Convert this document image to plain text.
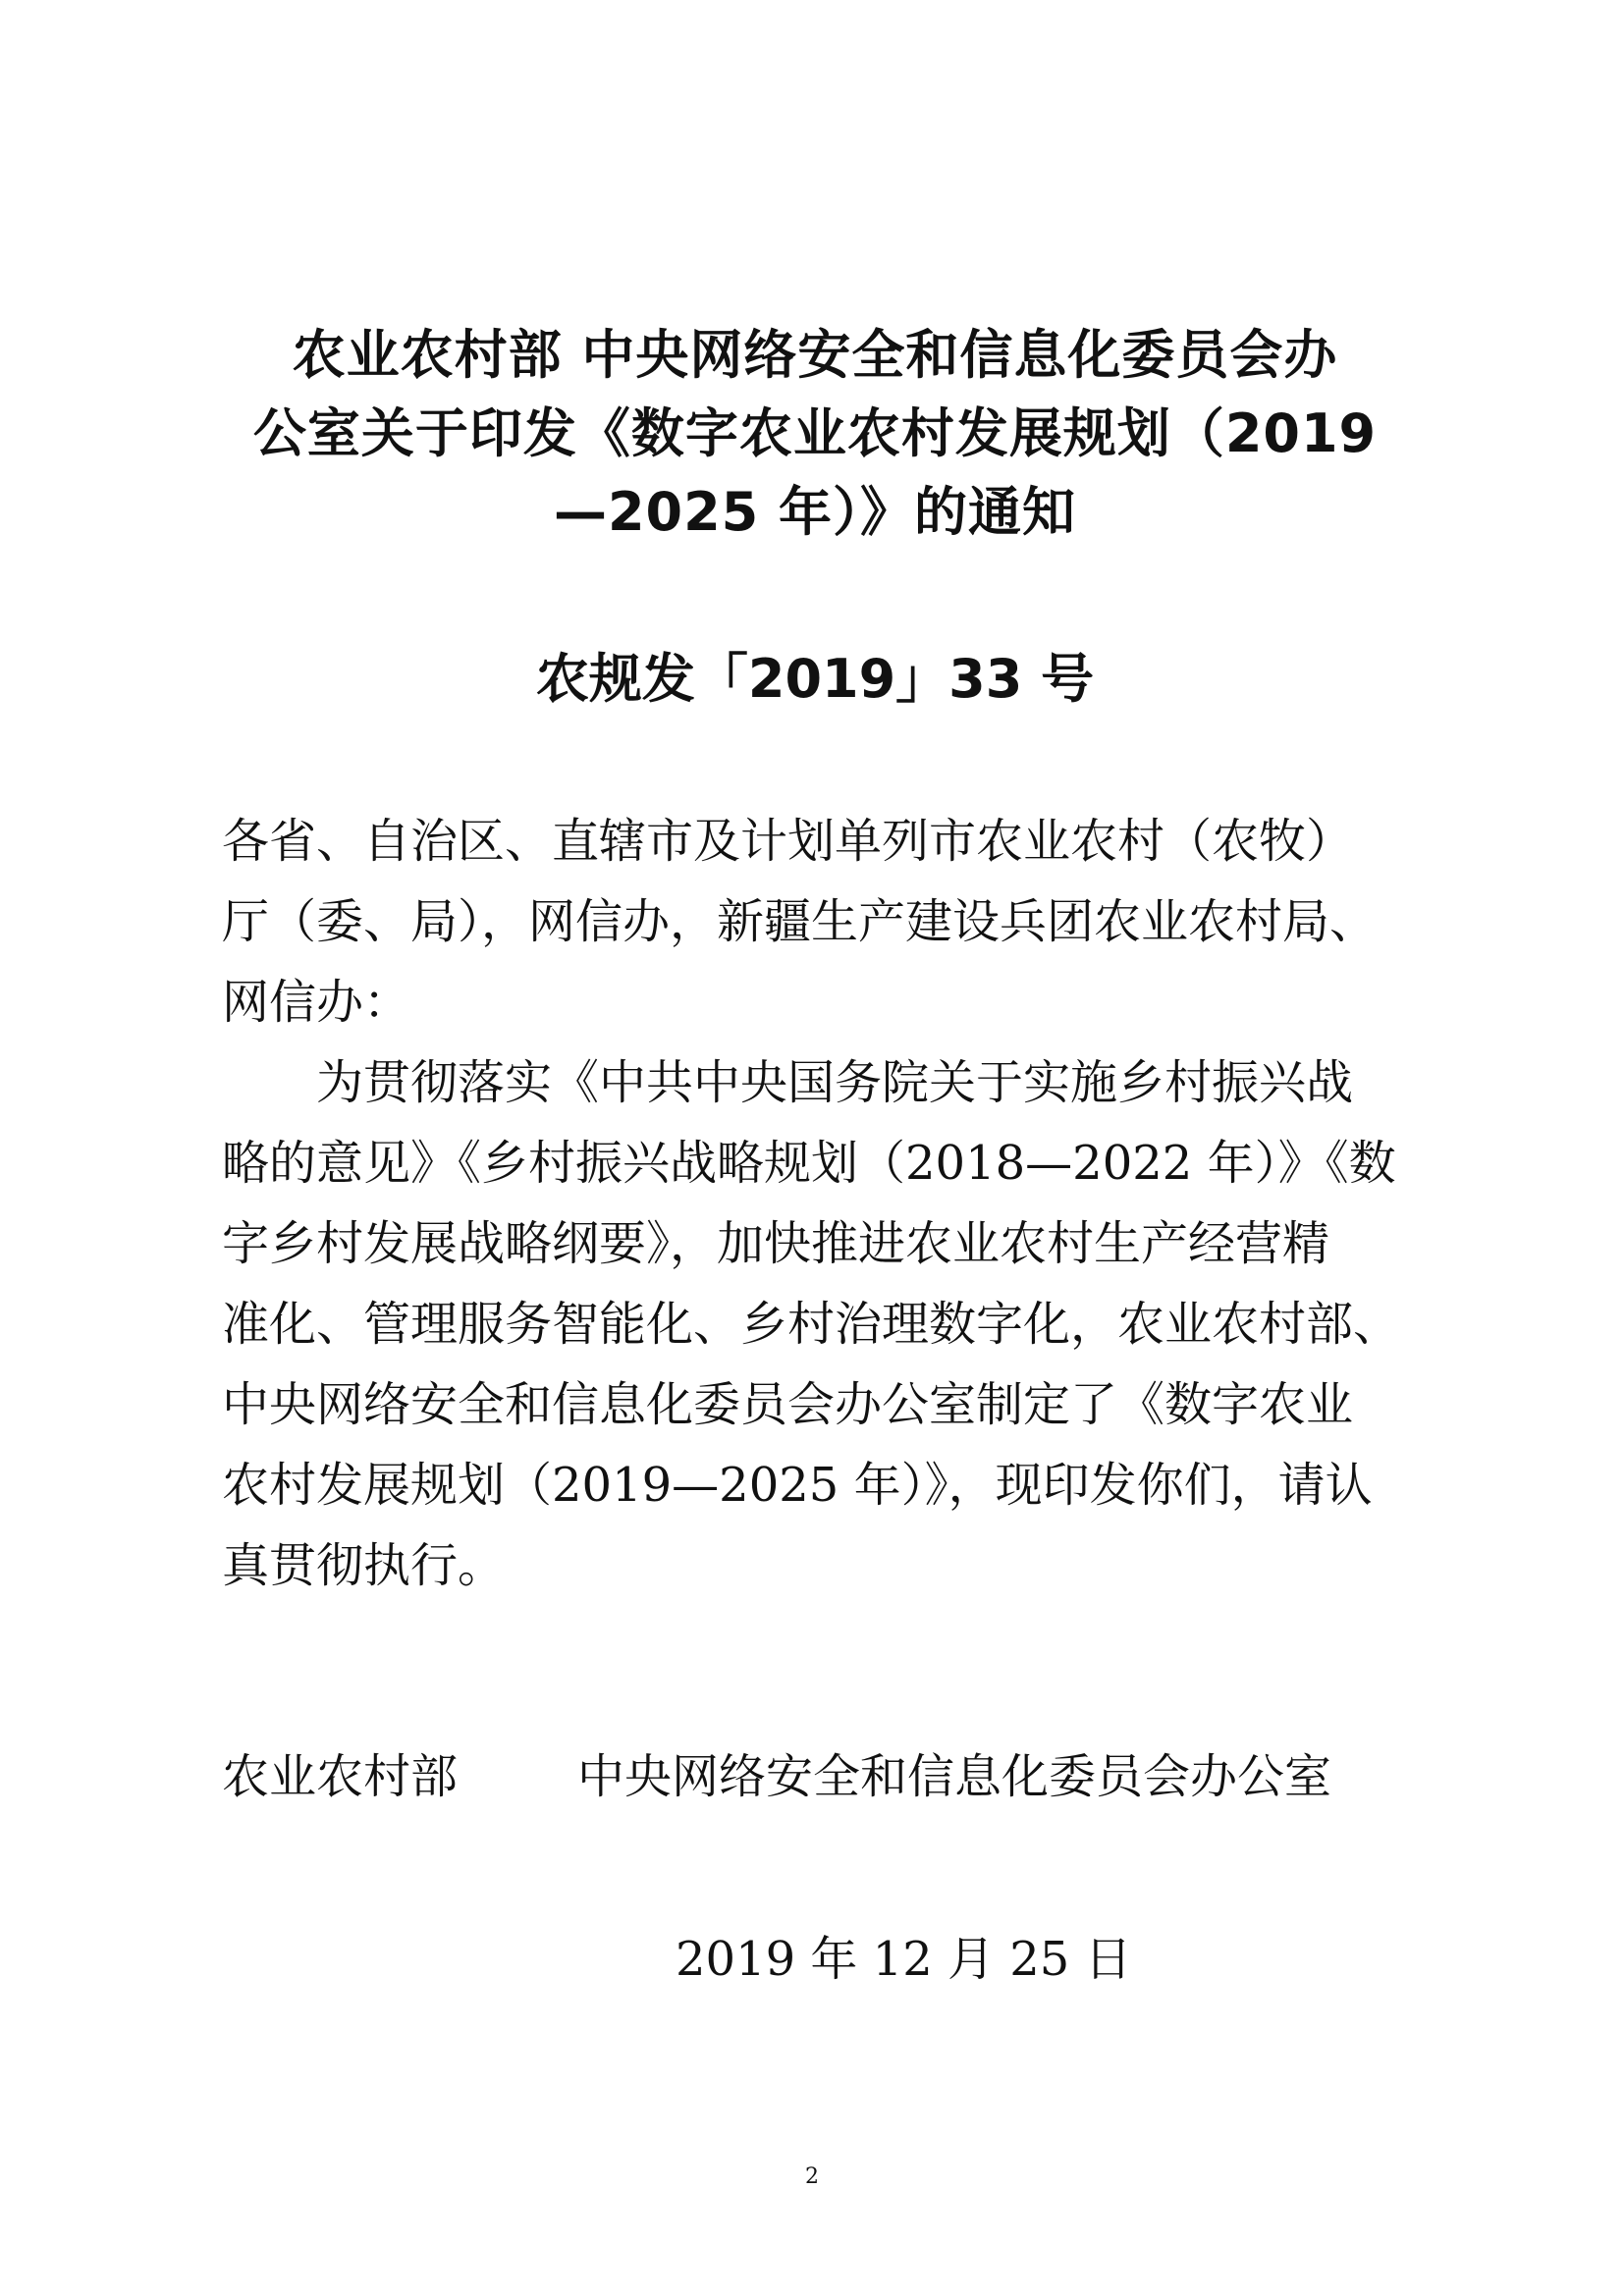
农业农村部 中央网络安全和信息化委员会办
公室关于印发《数字农业农村发展规划（2019
—2025 年）》的通知
农规发「2019」33 号
各省、自治区、直辖市及计划单列市农业农村（农牧）
厅（委、局），网信办，新疆生产建设兵团农业农村局、
网信办：
为贯彻落实《中共中央国务院关于实施乡村振兴战
略的意见》《乡村振兴战略规划（2018—2022 年）》《数
字乡村发展战略纲要》，加快推进农业农村生产经营精
准化、管理服务智能化、乡村治理数字化，农业农村部、
中央网络安全和信息化委员会办公室制定了《数字农业
农村发展规划（2019—2025 年）》，现印发你们，请认
真贯彻执行。
农业农村部	中央网络安全和信息化委员会办公室
2019 年 12 月 25 日
2
